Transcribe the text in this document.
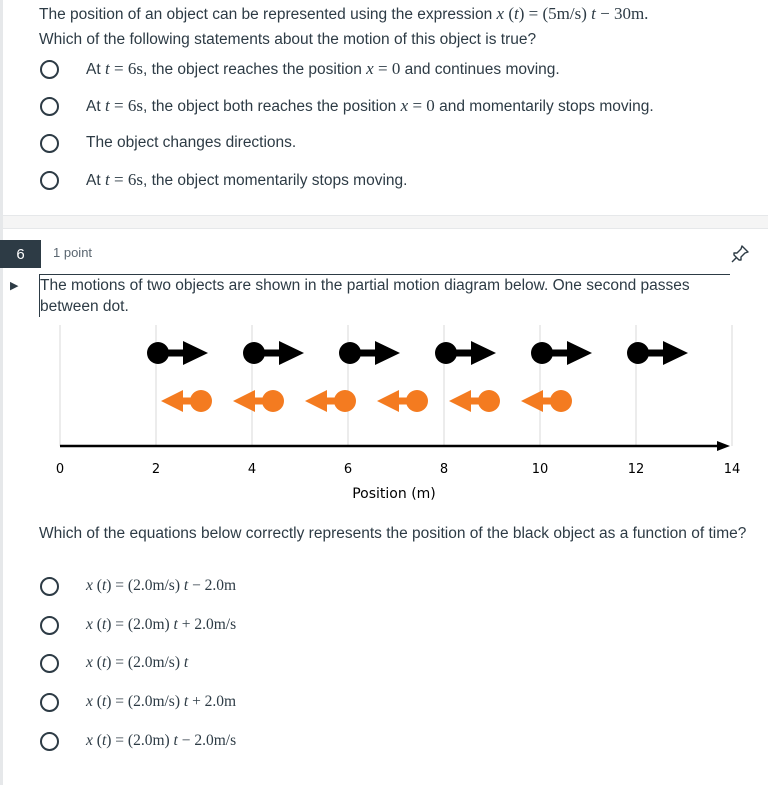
The position of an object can be represented using the expression x (t) = (5m/s) t − 30m.
Which of the following statements about the motion of this object is true?
At t = 6s, the object reaches the position x = 0 and continues moving.
At t = 6s, the object both reaches the position x = 0 and momentarily stops moving.
The object changes directions.
At t = 6s, the object momentarily stops moving.
6	1 point
▶ The motions of two objects are shown in the partial motion diagram below. One second passes between dot.
0	2	4	6	8	10	12	14
Position (m)
Which of the equations below correctly represents the position of the black object as a function of time?
x (t) = (2.0m/s) t − 2.0m
x (t) = (2.0m) t + 2.0m/s
x (t) = (2.0m/s) t
x (t) = (2.0m/s) t + 2.0m
x (t) = (2.0m) t − 2.0m/s
